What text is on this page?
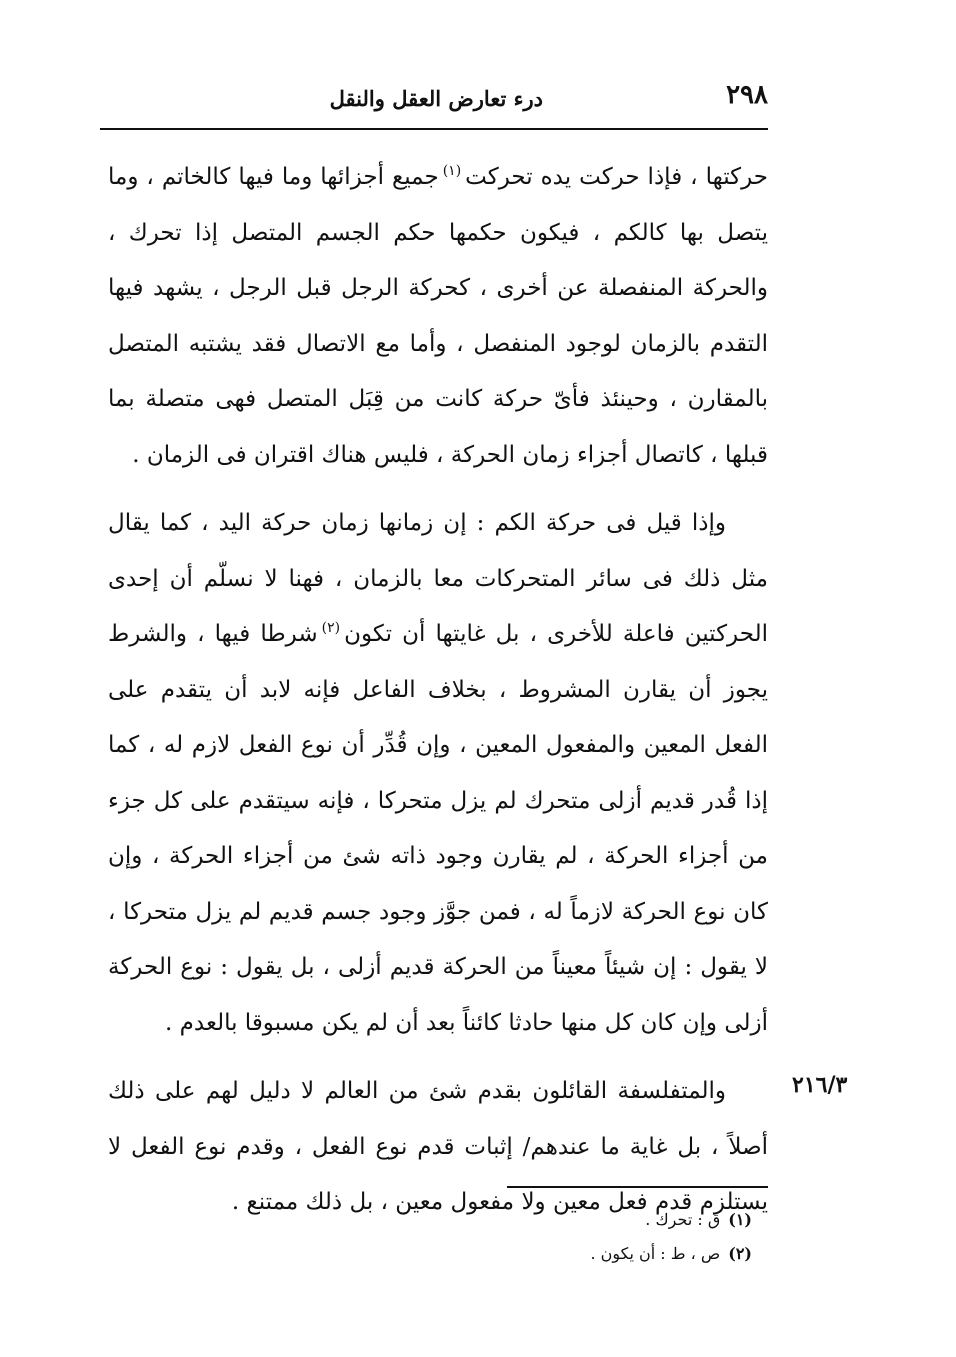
٢٩٨
درء تعارض العقل والنقل

حركتها ، فإذا حركت يده تحركت$^{(١)}$جميع أجزائها وما فيها كالخاتم ، وما يتصل بها كالكم ، فيكون حكمها حكم الجسم المتصل إذا تحرك ، والحركة المنفصلة عن أخرى ، كحركة الرجل قبل الرجل ، يشهد فيها التقدم بالزمان لوجود المنفصل ، وأما مع الاتصال فقد يشتبه المتصل بالمقارن ، وحينئذ فأىّ حركة كانت من قِبَل المتصل فهى متصلة بما قبلها ، كاتصال أجزاء زمان الحركة ، فليس هناك اقتران فى الزمان .

وإذا قيل فى حركة الكم : إن زمانها زمان حركة اليد ، كما يقال مثل ذلك فى سائر المتحركات معا بالزمان ، فهنا لا نسلّم أن إحدى الحركتين فاعلة للأخرى ، بل غايتها أن تكون$^{(٢)}$شرطا فيها ، والشرط يجوز أن يقارن المشروط ، بخلاف الفاعل فإنه لابد أن يتقدم على الفعل المعين والمفعول المعين ، وإن قُدِّر أن نوع الفعل لازم له ، كما إذا قُدر قديم أزلى متحرك لم يزل متحركا ، فإنه سيتقدم على كل جزء من أجزاء الحركة ، لم يقارن وجود ذاته شئ من أجزاء الحركة ، وإن كان نوع الحركة لازماً له ، فمن جوَّز وجود جسم قديم لم يزل متحركا ، لا يقول : إن شيئاً معيناً من الحركة قديم أزلى ، بل يقول : نوع الحركة أزلى وإن كان كل منها حادثا كائناً بعد أن لم يكن مسبوقا بالعدم .

والمتفلسفة القائلون بقدم شئ من العالم لا دليل لهم على ذلك أصلاً ، بل غاية ما عندهم/ إثبات قدم نوع الفعل ، وقدم نوع الفعل لا يستلزم قدم فعل معين ولا مفعول معين ، بل ذلك ممتنع .

٢١٦/٣

(١)ق : تحرك .

(٢)ص ، ط : أن يكون .
